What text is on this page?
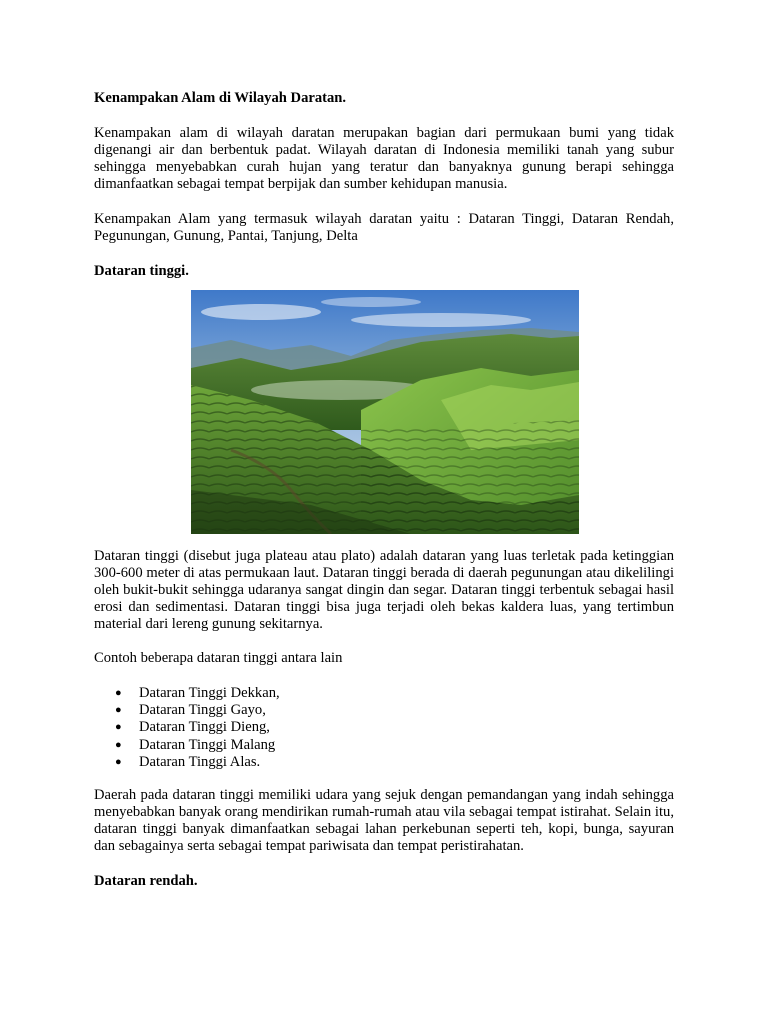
Kenampakan Alam di Wilayah Daratan.

Kenampakan alam di wilayah daratan merupakan bagian dari permukaan bumi yang tidak digenangi air dan berbentuk padat. Wilayah daratan di Indonesia memiliki tanah yang subur sehingga menyebabkan curah hujan yang teratur dan banyaknya gunung berapi sehingga dimanfaatkan sebagai tempat berpijak dan sumber kehidupan manusia.

Kenampakan Alam yang termasuk wilayah daratan yaitu : Dataran Tinggi, Dataran Rendah, Pegunungan, Gunung, Pantai, Tanjung, Delta

Dataran tinggi.

Dataran tinggi (disebut juga plateau atau plato) adalah dataran yang luas terletak pada ketinggian 300-600 meter di atas permukaan laut. Dataran tinggi berada di daerah pegunungan atau dikelilingi oleh bukit-bukit sehingga udaranya sangat dingin dan segar. Dataran tinggi terbentuk sebagai hasil erosi dan sedimentasi. Dataran tinggi bisa juga terjadi oleh bekas kaldera luas, yang tertimbun material dari lereng gunung sekitarnya.

Contoh beberapa dataran tinggi antara lain

● Dataran Tinggi Dekkan,
● Dataran Tinggi Gayo,
● Dataran Tinggi Dieng,
● Dataran Tinggi Malang
● Dataran Tinggi Alas.

Daerah pada dataran tinggi memiliki udara yang sejuk dengan pemandangan yang indah sehingga menyebabkan banyak orang mendirikan rumah-rumah atau vila sebagai tempat istirahat. Selain itu, dataran tinggi banyak dimanfaatkan sebagai lahan perkebunan seperti teh, kopi, bunga, sayuran dan sebagainya serta sebagai tempat pariwisata dan tempat peristirahatan.

Dataran rendah.
